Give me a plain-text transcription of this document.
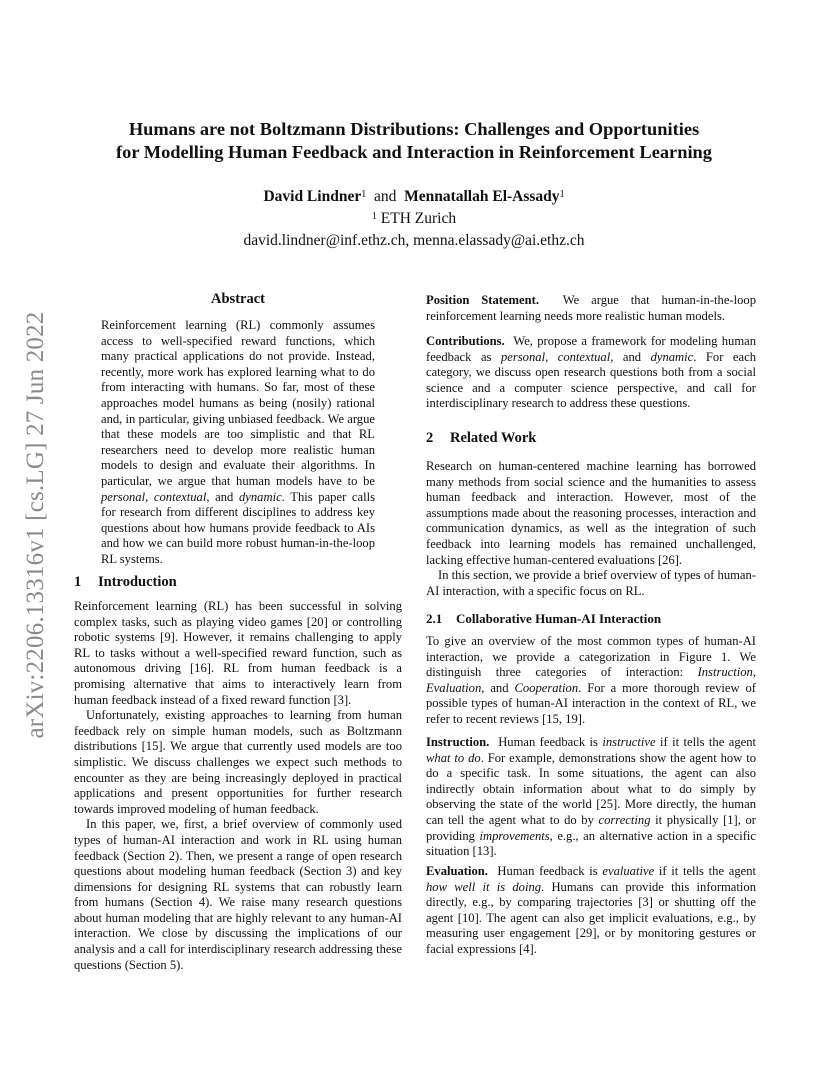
arXiv:2206.13316v1 [cs.LG] 27 Jun 2022
Humans are not Boltzmann Distributions: Challenges and Opportunities
for Modelling Human Feedback and Interaction in Reinforcement Learning
David Lindner$^1$ and Mennatallah El-Assady$^1$
$^1$ ETH Zurich
david.lindner@inf.ethz.ch, menna.elassady@ai.ethz.ch
Abstract

Reinforcement learning (RL) commonly assumes access to well-specified reward functions, which many practical applications do not provide. Instead, recently, more work has explored learning what to do from interacting with humans. So far, most of these approaches model humans as being (nosily) rational and, in particular, giving unbiased feedback. We argue that these models are too simplistic and that RL researchers need to develop more realistic human models to design and evaluate their algorithms. In particular, we argue that human models have to be personal, contextual, and dynamic. This paper calls for research from different disciplines to address key questions about how humans provide feedback to AIs and how we can build more robust human-in-the-loop RL systems.

1 Introduction

Reinforcement learning (RL) has been successful in solving complex tasks, such as playing video games [20] or controlling robotic systems [9]. However, it remains challenging to apply RL to tasks without a well-specified reward function, such as autonomous driving [16]. RL from human feedback is a promising alternative that aims to interactively learn from human feedback instead of a fixed reward function [3].

Unfortunately, existing approaches to learning from human feedback rely on simple human models, such as Boltzmann distributions [15]. We argue that currently used models are too simplistic. We discuss challenges we expect such methods to encounter as they are being increasingly deployed in practical applications and present opportunities for further research towards improved modeling of human feedback.

In this paper, we, first, a brief overview of commonly used types of human-AI interaction and work in RL using human feedback (Section 2). Then, we present a range of open research questions about modeling human feedback (Section 3) and key dimensions for designing RL systems that can robustly learn from humans (Section 4). We raise many research questions about human modeling that are highly relevant to any human-AI interaction. We close by discussing the implications of our analysis and a call for interdisciplinary research addressing these questions (Section 5).

Position Statement. We argue that human-in-the-loop reinforcement learning needs more realistic human models.

Contributions. We, propose a framework for modeling human feedback as personal, contextual, and dynamic. For each category, we discuss open research questions both from a social science and a computer science perspective, and call for interdisciplinary research to address these questions.

2 Related Work

Research on human-centered machine learning has borrowed many methods from social science and the humanities to assess human feedback and interaction. However, most of the assumptions made about the reasoning processes, interaction and communication dynamics, as well as the integration of such feedback into learning models has remained unchallenged, lacking effective human-centered evaluations [26].

In this section, we provide a brief overview of types of human-AI interaction, with a specific focus on RL.

2.1 Collaborative Human-AI Interaction

To give an overview of the most common types of human-AI interaction, we provide a categorization in Figure 1. We distinguish three categories of interaction: Instruction, Evaluation, and Cooperation. For a more thorough review of possible types of human-AI interaction in the context of RL, we refer to recent reviews [15, 19].

Instruction. Human feedback is instructive if it tells the agent what to do. For example, demonstrations show the agent how to do a specific task. In some situations, the agent can also indirectly obtain information about what to do simply by observing the state of the world [25]. More directly, the human can tell the agent what to do by correcting it physically [1], or providing improvements, e.g., an alternative action in a specific situation [13].

Evaluation. Human feedback is evaluative if it tells the agent how well it is doing. Humans can provide this information directly, e.g., by comparing trajectories [3] or shutting off the agent [10]. The agent can also get implicit evaluations, e.g., by measuring user engagement [29], or by monitoring gestures or facial expressions [4].
